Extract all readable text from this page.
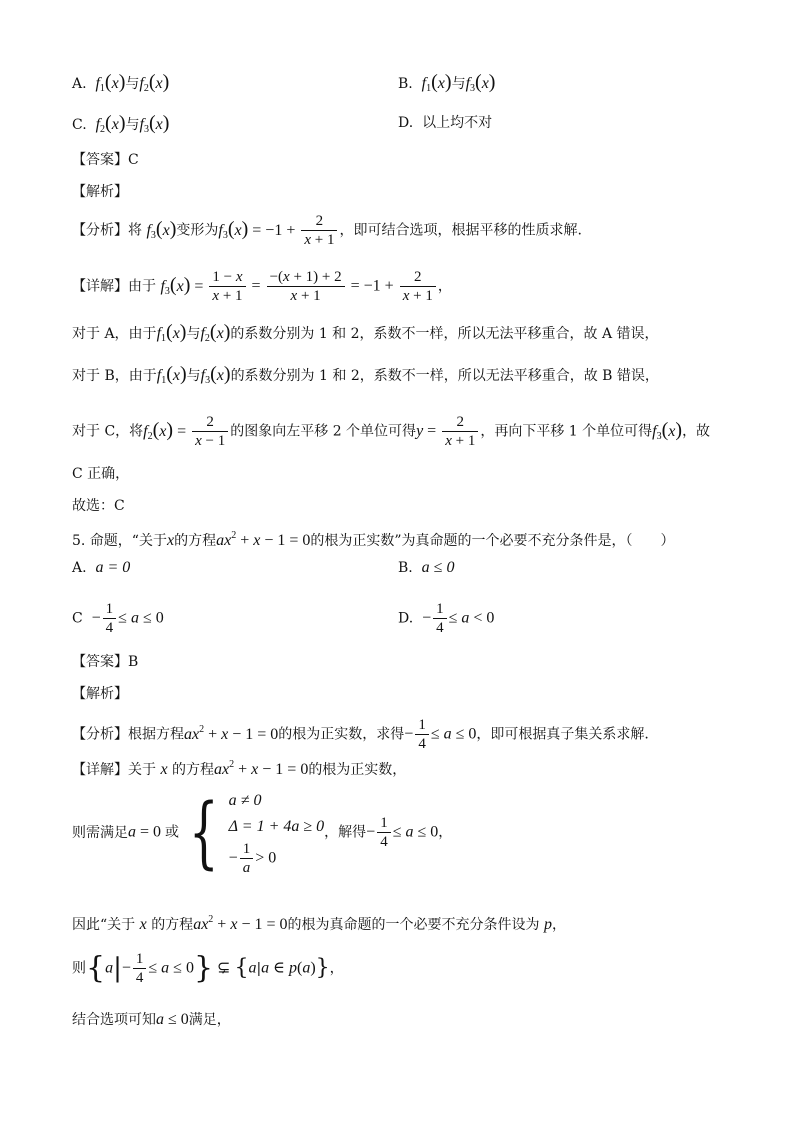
A. $f_1(x)$与$f_2(x)$	B. $f_1(x)$与$f_3(x)$
C. $f_2(x)$与$f_3(x)$	D. 以上均不对
【答案】C
【解析】
【分析】将 $f_3(x)$变形为$f_3(x) = -1 + \frac{2}{x + 1}$ ，即可结合选项，根据平移的性质求解.
【详解】由于 $f_3(x) = \frac{1 - x}{x + 1} = \frac{-(x + 1) + 2}{x + 1} = -1 + \frac{2}{x + 1}$ ，
对于 A，由于$f_1(x)$与$f_2(x)$的系数分别为 1 和 2，系数不一样，所以无法平移重合，故 A 错误，
对于 B，由于$f_1(x)$与$f_3(x)$的系数分别为 1 和 2，系数不一样，所以无法平移重合，故 B 错误，
对于 C，将$f_2(x) = \frac{2}{x - 1}$ 的图象向左平移 2 个单位可得$y = \frac{2}{x + 1}$ ，再向下平移 1 个单位可得$f_3(x)$，故
C 正确，
故选：C
5. 命题，“关于x的方程$ax^2 + x - 1 = 0$的根为正实数”为真命题的一个必要不充分条件是，（　　）
A. a = 0	B. a ≤ 0
$C - \frac{1}{4} \le a \le 0$	D. − $\frac{1}{4} \le a < 0$
【答案】B
【解析】
【分析】根据方程$ax^2 + x - 1 = 0$的根为正实数，求得− $\frac{1}{4} \le a \le 0$，即可根据真子集关系求解.
【详解】关于 x 的方程$ax^2 + x - 1 = 0$的根为正实数，
则需满足a = 0 或 { a ≠ 0
Δ = 1 + 4a ≥ 0
− $\frac{1}{a} > 0$
，解得− $\frac{1}{4} \le a \le 0$，
因此“关于 x 的方程$ax^2 + x - 1 = 0$的根为真命题的一个必要不充分条件设为 p，
则$\{a|- \frac{1}{4} \le a \le 0\}$ ⊊ {a|a ∈ p(a)}，
结合选项可知a ≤ 0满足，
